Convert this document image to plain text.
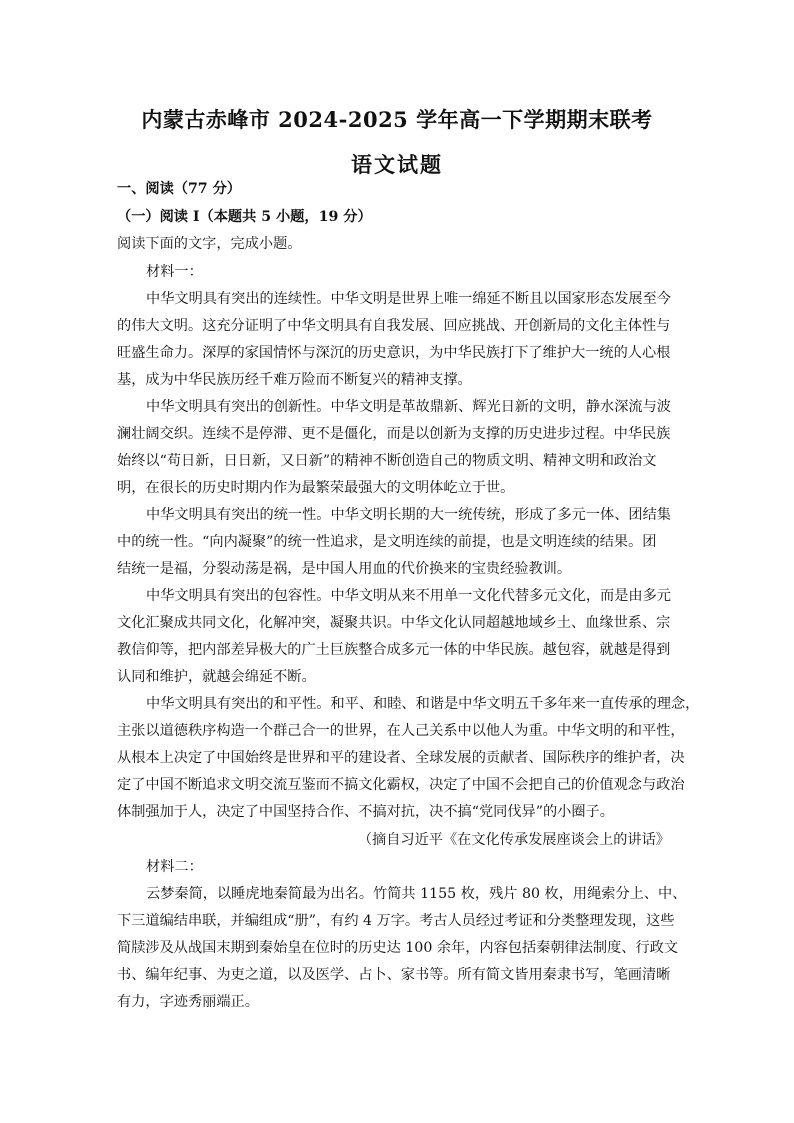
内蒙古赤峰市 2024-2025 学年高一下学期期末联考
语文试题
一、阅读（77 分）
（一）阅读 I（本题共 5 小题，19 分）
阅读下面的文字，完成小题。
材料一：
中华文明具有突出的连续性。中华文明是世界上唯一绵延不断且以国家形态发展至今
的伟大文明。这充分证明了中华文明具有自我发展、回应挑战、开创新局的文化主体性与
旺盛生命力。深厚的家国情怀与深沉的历史意识，为中华民族打下了维护大一统的人心根
基，成为中华民族历经千难万险而不断复兴的精神支撑。
中华文明具有突出的创新性。中华文明是革故鼎新、辉光日新的文明，静水深流与波
澜壮阔交织。连续不是停滞、更不是僵化，而是以创新为支撑的历史进步过程。中华民族
始终以“苟日新，日日新，又日新”的精神不断创造自己的物质文明、精神文明和政治文
明，在很长的历史时期内作为最繁荣最强大的文明体屹立于世。
中华文明具有突出的统一性。中华文明长期的大一统传统，形成了多元一体、团结集
中的统一性。“向内凝聚”的统一性追求，是文明连续的前提，也是文明连续的结果。团
结统一是福，分裂动荡是祸，是中国人用血的代价换来的宝贵经验教训。
中华文明具有突出的包容性。中华文明从来不用单一文化代替多元文化，而是由多元
文化汇聚成共同文化，化解冲突，凝聚共识。中华文化认同超越地域乡土、血缘世系、宗
教信仰等，把内部差异极大的广土巨族整合成多元一体的中华民族。越包容，就越是得到
认同和维护，就越会绵延不断。
中华文明具有突出的和平性。和平、和睦、和谐是中华文明五千多年来一直传承的理念，
主张以道德秩序构造一个群己合一的世界，在人己关系中以他人为重。中华文明的和平性，
从根本上决定了中国始终是世界和平的建设者、全球发展的贡献者、国际秩序的维护者，决
定了中国不断追求文明交流互鉴而不搞文化霸权，决定了中国不会把自己的价值观念与政治
体制强加于人，决定了中国坚持合作、不搞对抗，决不搞“党同伐异”的小圈子。
（摘自习近平《在文化传承发展座谈会上的讲话》
材料二：
云梦秦简，以睡虎地秦简最为出名。竹简共 1155 枚，残片 80 枚，用绳索分上、中、
下三道编结串联，并编组成“册”，有约 4 万字。考古人员经过考证和分类整理发现，这些
简牍涉及从战国末期到秦始皇在位时的历史达 100 余年，内容包括秦朝律法制度、行政文
书、编年纪事、为吏之道，以及医学、占卜、家书等。所有简文皆用秦隶书写，笔画清晰
有力，字迹秀丽端正。
